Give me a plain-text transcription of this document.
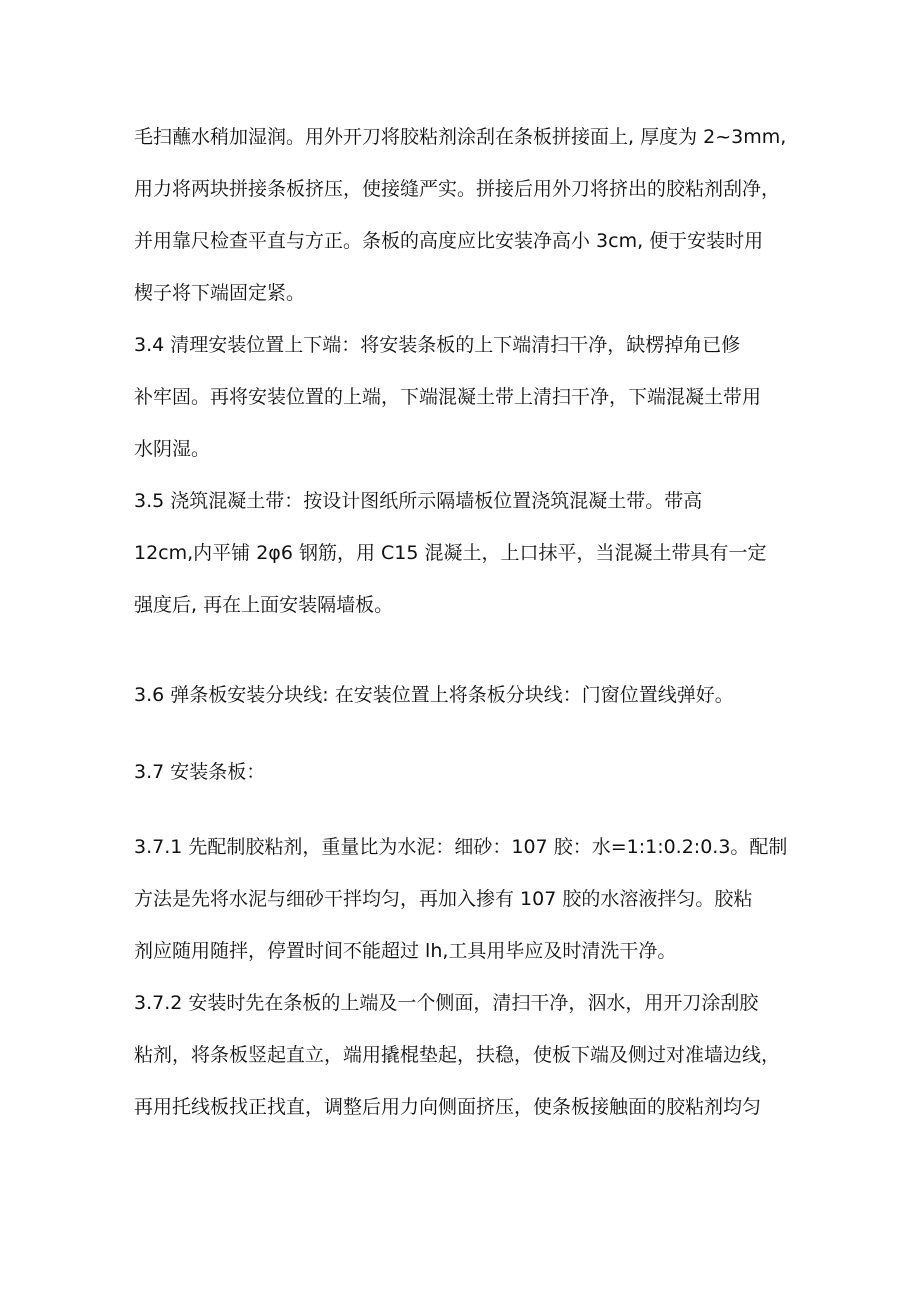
毛扫蘸水稍加湿润。用外开刀将胶粘剂涂刮在条板拼接面上, 厚度为 2~3mm,
用力将两块拼接条板挤压，使接缝严实。拼接后用外刀将挤出的胶粘剂刮净，
并用靠尺检查平直与方正。条板的高度应比安装净高小 3cm, 便于安装时用
楔子将下端固定紧。
3.4 清理安装位置上下端：将安装条板的上下端清扫干净，缺楞掉角已修
补牢固。再将安装位置的上端，下端混凝土带上清扫干净，下端混凝土带用
水阴湿。
3.5 浇筑混凝土带：按设计图纸所示隔墙板位置浇筑混凝土带。带高
12cm,内平铺 2φ6 钢筋，用 C15 混凝土，上口抹平，当混凝土带具有一定
强度后, 再在上面安装隔墙板。
3.6 弹条板安装分块线: 在安装位置上将条板分块线：门窗位置线弹好。
3.7 安装条板：
3.7.1 先配制胶粘剂，重量比为水泥：细砂：107 胶：水=1:1:0.2:0.3。配制
方法是先将水泥与细砂干拌均匀，再加入掺有 107 胶的水溶液拌匀。胶粘
剂应随用随拌，停置时间不能超过 lh,工具用毕应及时清洗干净。
3.7.2 安装时先在条板的上端及一个侧面，清扫干净，泅水，用开刀涂刮胶
粘剂，将条板竖起直立，端用撬棍垫起，扶稳，使板下端及侧过对准墙边线，
再用托线板找正找直，调整后用力向侧面挤压，使条板接触面的胶粘剂均匀
